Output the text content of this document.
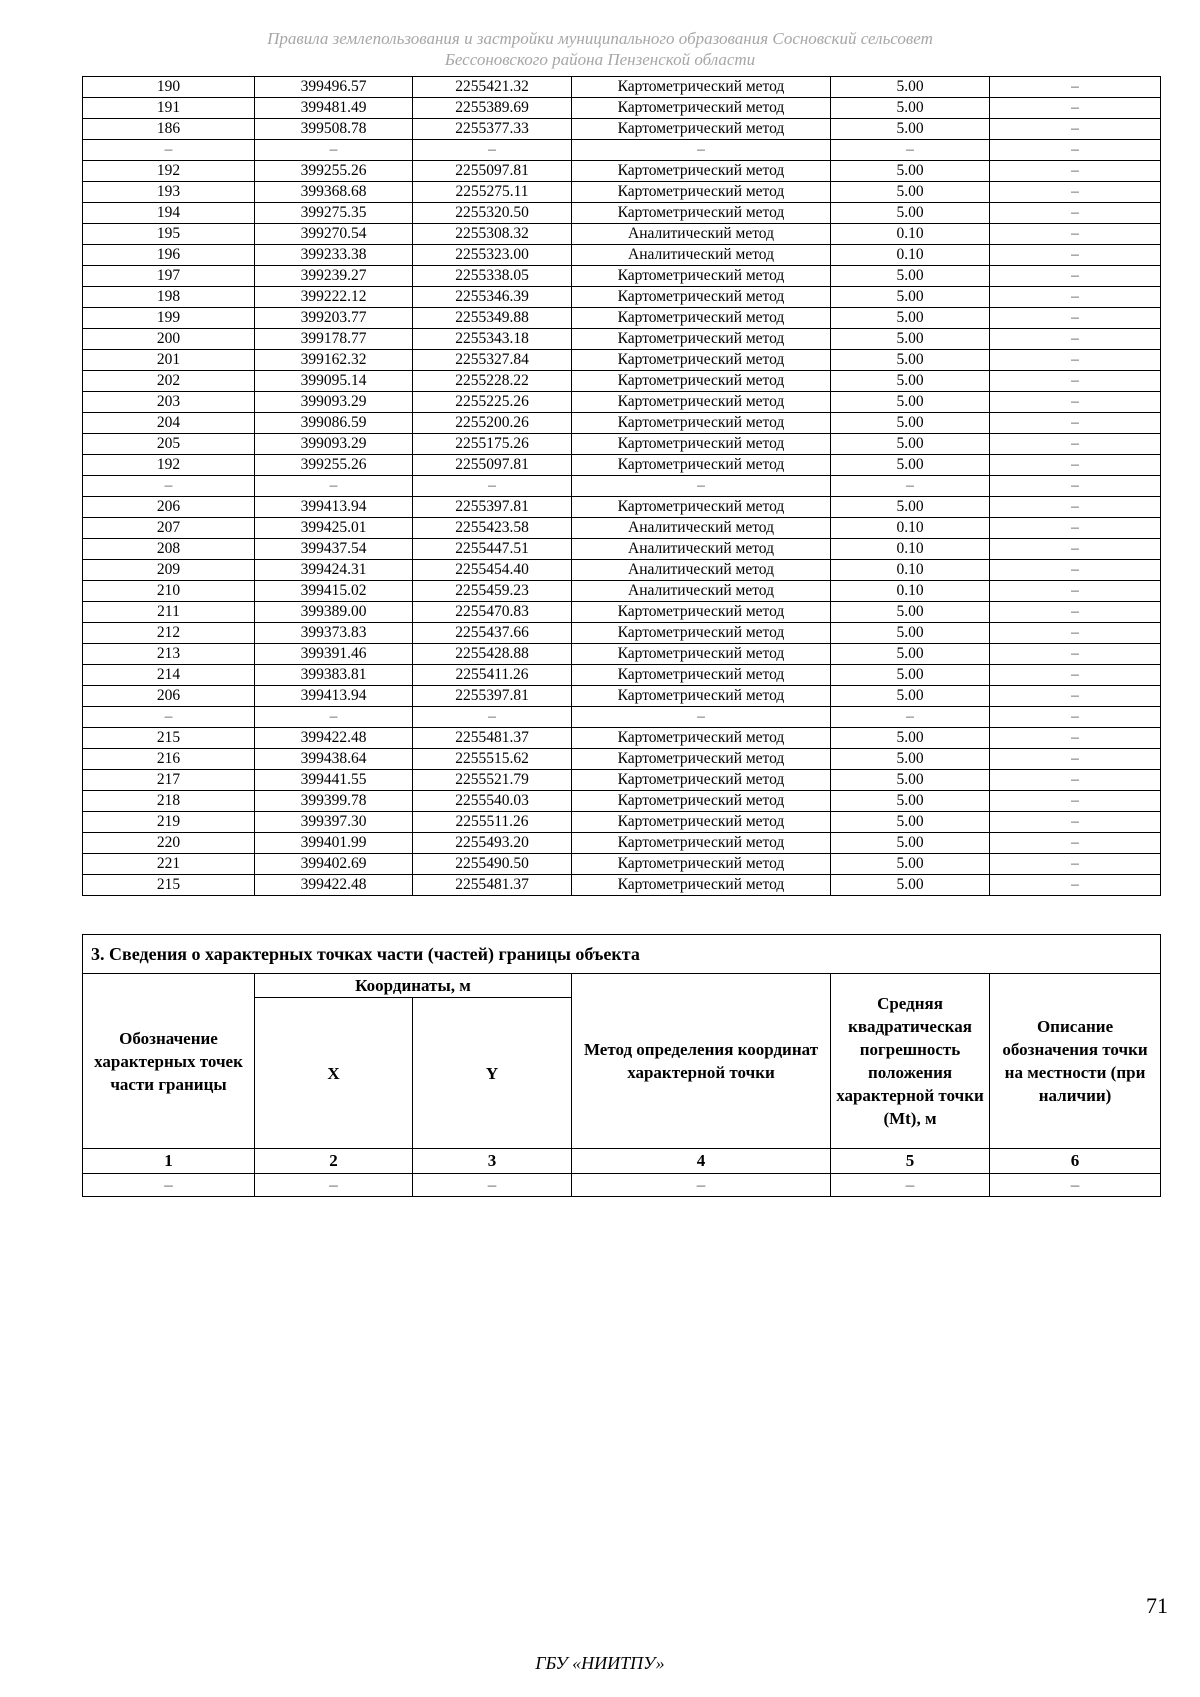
Правила землепользования и застройки муниципального образования Сосновский сельсовет
Бессоновского района Пензенской области
190	399496.57	2255421.32	Картометрический метод	5.00	–
191	399481.49	2255389.69	Картометрический метод	5.00	–
186	399508.78	2255377.33	Картометрический метод	5.00	–
–	–	–	–	–	–
192	399255.26	2255097.81	Картометрический метод	5.00	–
193	399368.68	2255275.11	Картометрический метод	5.00	–
194	399275.35	2255320.50	Картометрический метод	5.00	–
195	399270.54	2255308.32	Аналитический метод	0.10	–
196	399233.38	2255323.00	Аналитический метод	0.10	–
197	399239.27	2255338.05	Картометрический метод	5.00	–
198	399222.12	2255346.39	Картометрический метод	5.00	–
199	399203.77	2255349.88	Картометрический метод	5.00	–
200	399178.77	2255343.18	Картометрический метод	5.00	–
201	399162.32	2255327.84	Картометрический метод	5.00	–
202	399095.14	2255228.22	Картометрический метод	5.00	–
203	399093.29	2255225.26	Картометрический метод	5.00	–
204	399086.59	2255200.26	Картометрический метод	5.00	–
205	399093.29	2255175.26	Картометрический метод	5.00	–
192	399255.26	2255097.81	Картометрический метод	5.00	–
–	–	–	–	–	–
206	399413.94	2255397.81	Картометрический метод	5.00	–
207	399425.01	2255423.58	Аналитический метод	0.10	–
208	399437.54	2255447.51	Аналитический метод	0.10	–
209	399424.31	2255454.40	Аналитический метод	0.10	–
210	399415.02	2255459.23	Аналитический метод	0.10	–
211	399389.00	2255470.83	Картометрический метод	5.00	–
212	399373.83	2255437.66	Картометрический метод	5.00	–
213	399391.46	2255428.88	Картометрический метод	5.00	–
214	399383.81	2255411.26	Картометрический метод	5.00	–
206	399413.94	2255397.81	Картометрический метод	5.00	–
–	–	–	–	–	–
215	399422.48	2255481.37	Картометрический метод	5.00	–
216	399438.64	2255515.62	Картометрический метод	5.00	–
217	399441.55	2255521.79	Картометрический метод	5.00	–
218	399399.78	2255540.03	Картометрический метод	5.00	–
219	399397.30	2255511.26	Картометрический метод	5.00	–
220	399401.99	2255493.20	Картометрический метод	5.00	–
221	399402.69	2255490.50	Картометрический метод	5.00	–
215	399422.48	2255481.37	Картометрический метод	5.00	–
3. Сведения о характерных точках части (частей) границы объекта					
Обозначение характерных точек части границы	Координаты, м		Метод определения координат характерной точки	Средняя квадратическая погрешность положения характерной точки (Mt), м	Описание обозначения точки на местности (при наличии)
	X	Y			
1	2	3	4	5	6
–	–	–	–	–	–
71
ГБУ «НИИТПУ»
